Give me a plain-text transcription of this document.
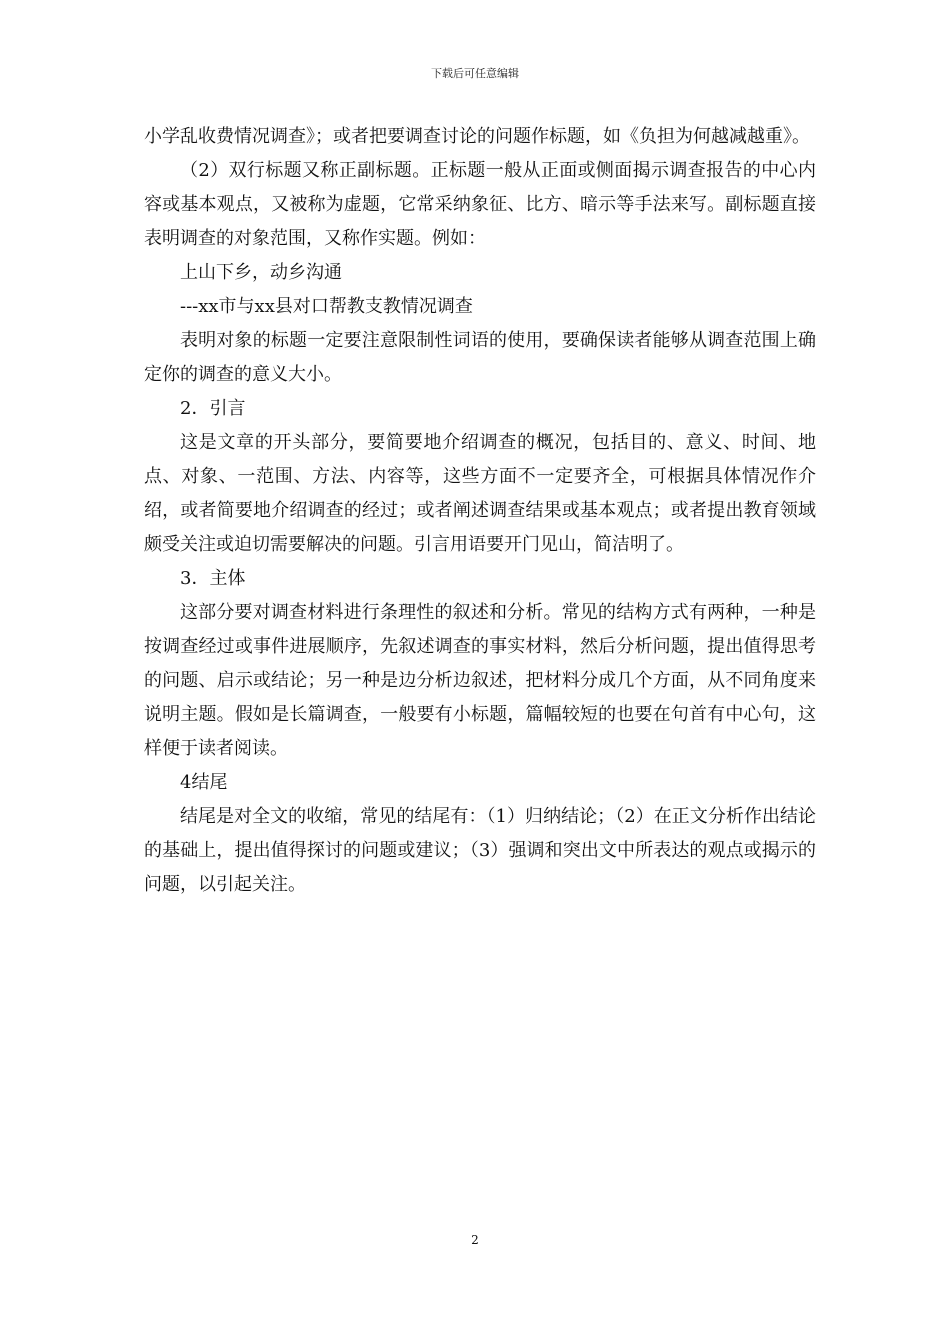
下载后可任意编辑

小学乱收费情况调查》；或者把要调查讨论的问题作标题，如《负担为何越减越重》。

（2）双行标题又称正副标题。正标题一般从正面或侧面揭示调查报告的中心内容或基本观点，又被称为虚题，它常采纳象征、比方、暗示等手法来写。副标题直接表明调查的对象范围，又称作实题。例如：

上山下乡，动乡沟通

---xx市与xx县对口帮教支教情况调查

表明对象的标题一定要注意限制性词语的使用，要确保读者能够从调查范围上确定你的调查的意义大小。

2．引言

这是文章的开头部分，要简要地介绍调查的概况，包括目的、意义、时间、地点、对象、一范围、方法、内容等，这些方面不一定要齐全，可根据具体情况作介绍，或者简要地介绍调查的经过；或者阐述调查结果或基本观点；或者提出教育领域颇受关注或迫切需要解决的问题。引言用语要开门见山，简洁明了。

3．主体

这部分要对调查材料进行条理性的叙述和分析。常见的结构方式有两种，一种是按调查经过或事件进展顺序，先叙述调查的事实材料，然后分析问题，提出值得思考的问题、启示或结论；另一种是边分析边叙述，把材料分成几个方面，从不同角度来说明主题。假如是长篇调查，一般要有小标题，篇幅较短的也要在句首有中心句，这样便于读者阅读。

4结尾

结尾是对全文的收缩，常见的结尾有：（1）归纳结论；（2）在正文分析作出结论的基础上，提出值得探讨的问题或建议；（3）强调和突出文中所表达的观点或揭示的问题，以引起关注。

2
